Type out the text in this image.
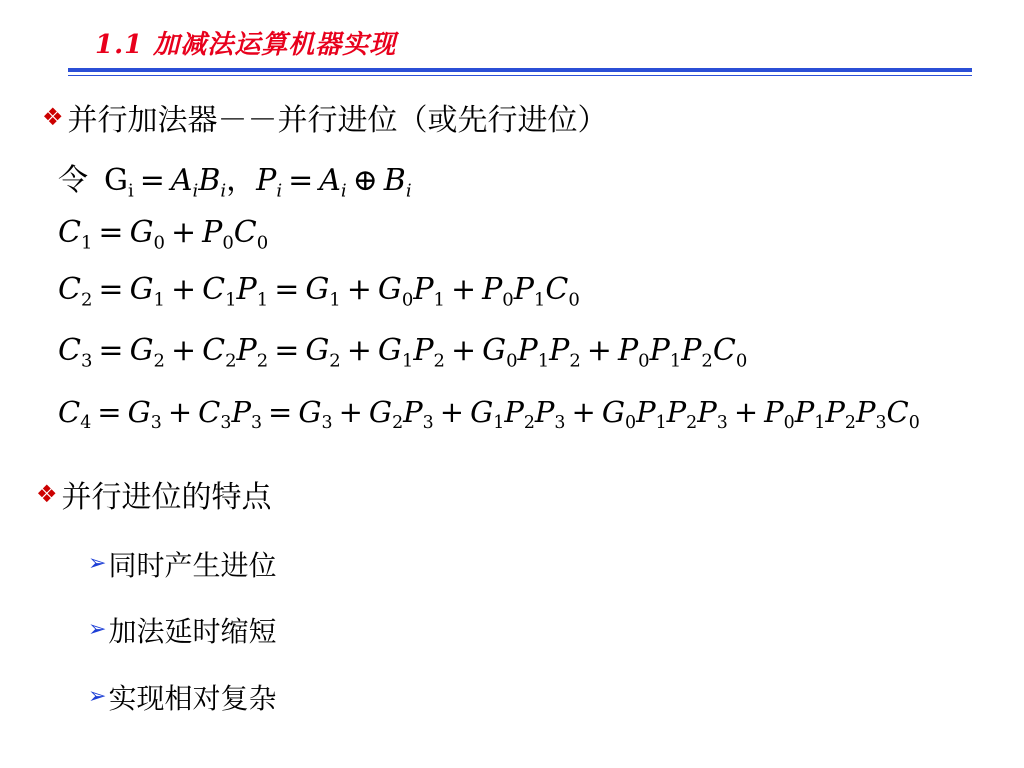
1.1 加减法运算机器实现
❖ 并行加法器－－并行进位（或先行进位）
令 $G_i = A_iB_i$，$P_i = A_i$ ⊕ $B_i$
$C_1 = G_0 + P_0C_0$
$C_2 = G_1 + C_1P_1 = G_1 + G_0P_1 + P_0P_1C_0$
$C_3 = G_2 + C_2P_2 = G_2 + G_1P_2 + G_0P_1P_2 + P_0P_1P_2C_0$
$C_4 = G_3 + C_3P_3 = G_3 + G_2P_3 + G_1P_2P_3 + G_0P_1P_2P_3 + P_0P_1P_2P_3C_0$
❖ 并行进位的特点
➢ 同时产生进位
➢ 加法延时缩短
➢ 实现相对复杂
